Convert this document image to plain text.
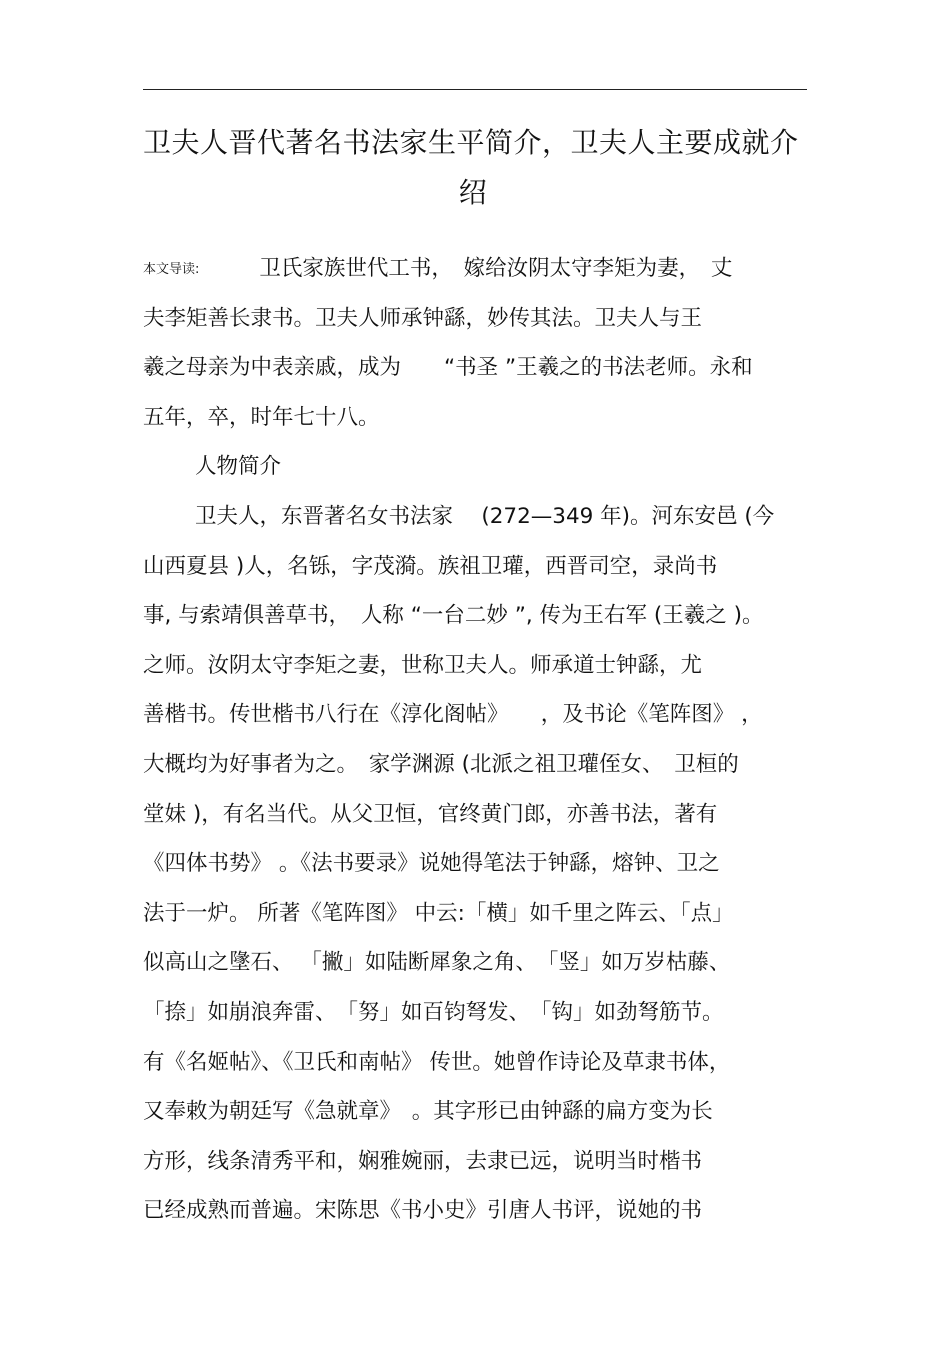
卫夫人晋代著名书法家生平简介，卫夫人主要成就介
绍
本文导读:	卫氏家族世代工书，　嫁给汝阴太守李矩为妻，　丈
夫李矩善长隶书。卫夫人师承钟繇，妙传其法。卫夫人与王
羲之母亲为中表亲戚，成为　　“书圣 ”王羲之的书法老师。永和
五年，卒，时年七十八。
人物简介
卫夫人，东晋著名女书法家　 (272—349 年)。河东安邑 (今
山西夏县 )人，名铄，字茂漪。族祖卫瓘，西晋司空，录尚书
事, 与索靖俱善草书，　人称 “一台二妙 ”, 传为王右军 (王羲之 )。
之师。汝阴太守李矩之妻，世称卫夫人。师承道士钟繇，尤
善楷书。传世楷书八行在《淳化阁帖》　　，及书论《笔阵图》 ，
大概均为好事者为之。　家学渊源 (北派之祖卫瓘侄女、　卫桓的
堂妹 )，有名当代。从父卫恒，官终黄门郎，亦善书法，著有
《四体书势》 。《法书要录》说她得笔法于钟繇，熔钟、卫之
法于一炉。 所著《笔阵图》 中云:「横」如千里之阵云、「点」
似高山之墬石、 「撇」如陆断犀象之角、　「竖」如万岁枯藤、
「捺」如崩浪奔雷、　「努」如百钧弩发、　「钩」如劲弩筋节。
有《名姬帖》、《卫氏和南帖》 传世。她曾作诗论及草隶书体，
又奉敕为朝廷写《急就章》　。其字形已由钟繇的扁方变为长
方形，线条清秀平和，娴雅婉丽，去隶已远，说明当时楷书
已经成熟而普遍。宋陈思《书小史》引唐人书评，说她的书
